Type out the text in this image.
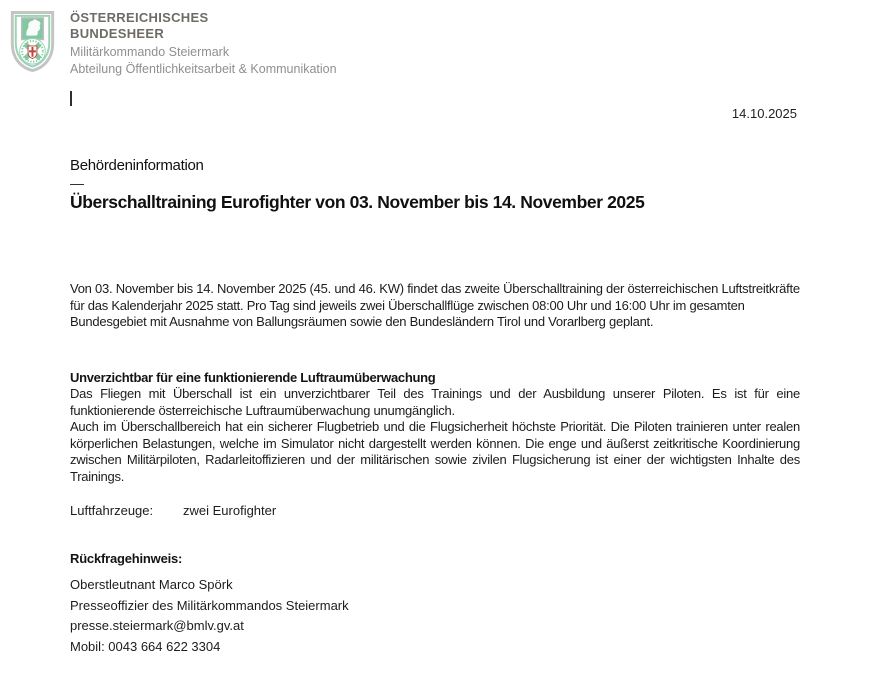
ÖSTERREICHISCHES
BUNDESHEER
Militärkommando Steiermark
Abteilung Öffentlichkeitsarbeit & Kommunikation
14.10.2025
Behördeninformation
—
Überschalltraining Eurofighter von 03. November bis 14. November 2025

Von 03. November bis 14. November 2025 (45. und 46. KW) findet das zweite Überschalltraining der österreichischen Luftstreitkräfte für das Kalenderjahr 2025 statt. Pro Tag sind jeweils zwei Überschallflüge zwischen 08:00 Uhr und 16:00 Uhr im gesamten Bundesgebiet mit Ausnahme von Ballungsräumen sowie den Bundesländern Tirol und Vorarlberg geplant.

Unverzichtbar für eine funktionierende Luftraumüberwachung

Das Fliegen mit Überschall ist ein unverzichtbarer Teil des Trainings und der Ausbildung unserer Piloten. Es ist für eine funktionierende österreichische Luftraumüberwachung unumgänglich.

Auch im Überschallbereich hat ein sicherer Flugbetrieb und die Flugsicherheit höchste Priorität. Die Piloten trainieren unter realen körperlichen Belastungen, welche im Simulator nicht dargestellt werden können. Die enge und äußerst zeitkritische Koordinierung zwischen Militärpiloten, Radarleitoffizieren und der militärischen sowie zivilen Flugsicherung ist einer der wichtigsten Inhalte des Trainings.

Luftfahrzeuge: zwei Eurofighter
Rückfragehinweis:
Oberstleutnant Marco Spörk
Presseoffizier des Militärkommandos Steiermark
presse.steiermark@bmlv.gv.at
Mobil: 0043 664 622 3304
